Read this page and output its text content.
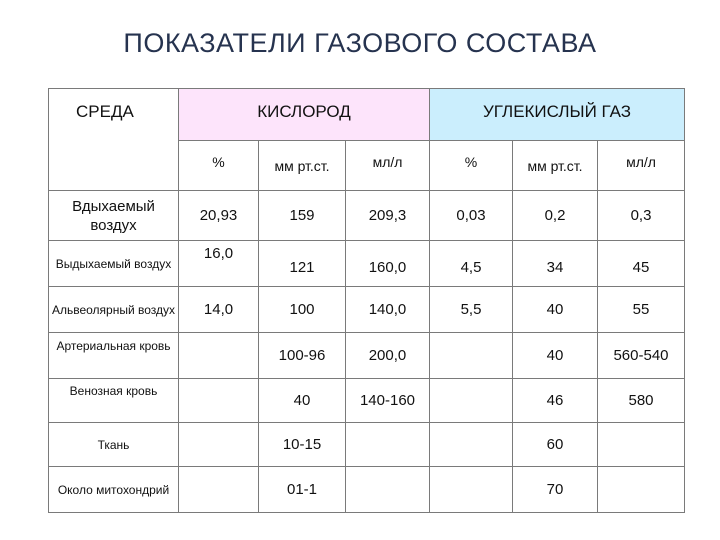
ПОКАЗАТЕЛИ ГАЗОВОГО СОСТАВА
СРЕДА	КИСЛОРОД			УГЛЕКИСЛЫЙ ГАЗ		

	%	мм рт.ст.	мл/л	%	мм рт.ст.	мл/л

Вдыхаемый воздух	20,93	159	209,3	0,03	0,2	0,3

Выдыхаемый воздух	16,0	121	160,0	4,5	34	45

Альвеолярный воздух	14,0	100	140,0	5,5	40	55

Артериальная кровь		100-96	200,0		40	560-540

Венозная кровь		40	140-160		46	580

Ткань		10-15			60	

Около митохондрий		01-1			70	
